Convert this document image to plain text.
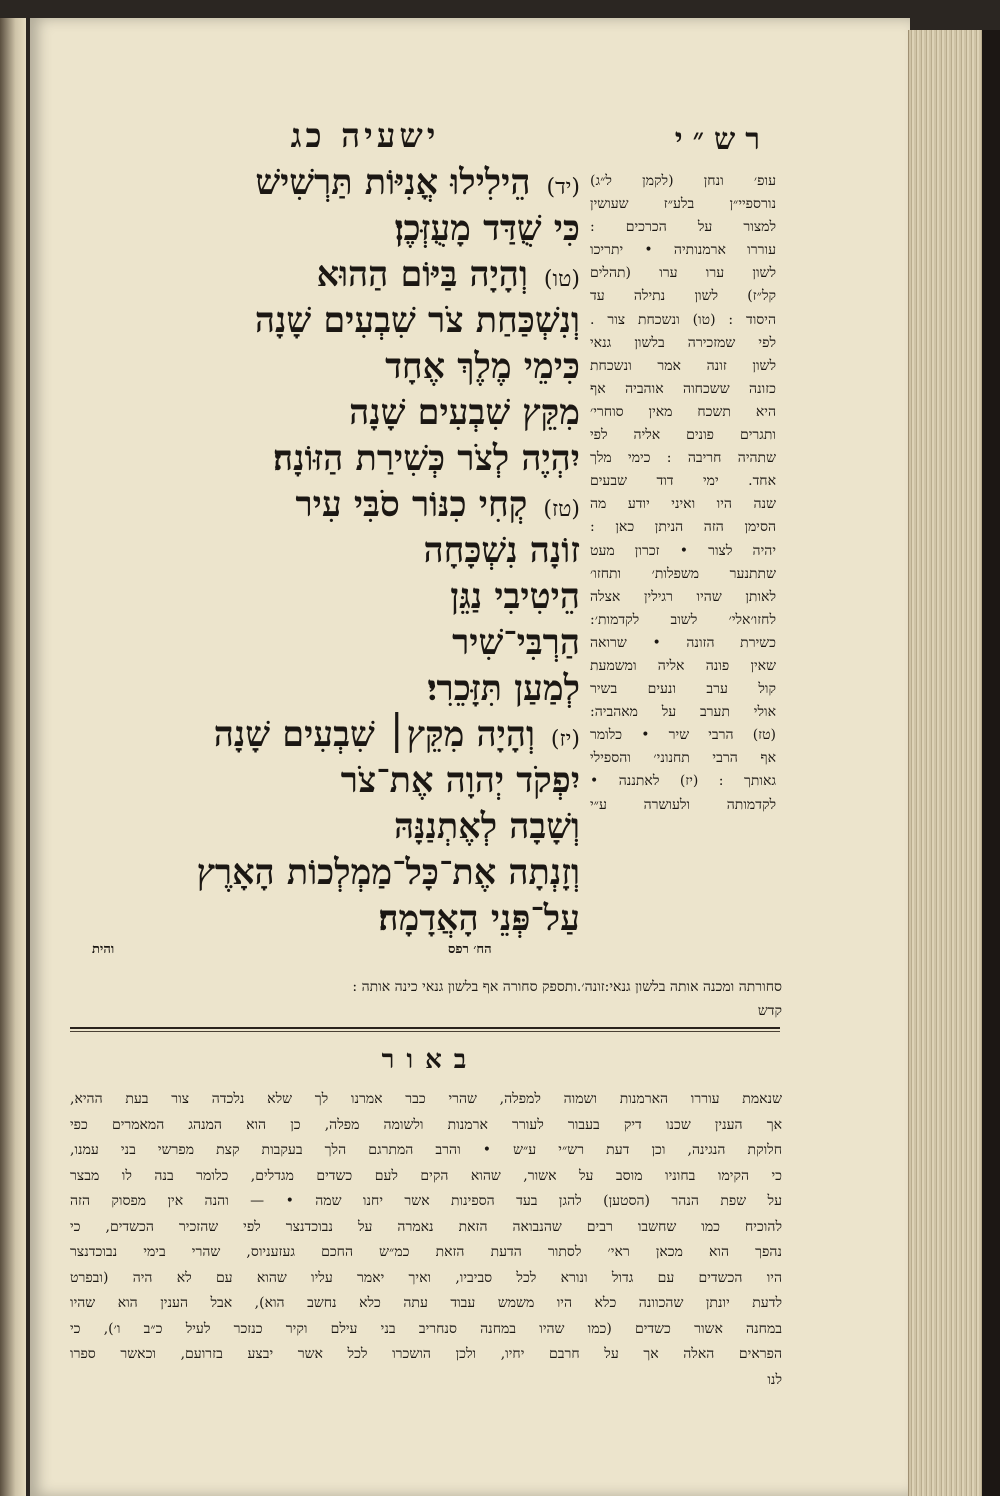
רש״י
ישעיה כג
(יד)הֵילִילוּ אֳנִיּוֹת תַּרְשִׁישׁ
כִּי שֻׁדַּד מָעֻזְּכֶן׃
(טו)וְהָיָה בַּיּוֹם הַהוּא
וְנִשְׁכַּחַת צֹר שִׁבְעִים שָׁנָה
כִּימֵי מֶלֶךְ אֶחָד
מִקֵּץ שִׁבְעִים שָׁנָה
יִהְיֶה לְצֹר כְּשִׁירַת הַזּוֹנָה׃
(טז)קְחִי כִנּוֹר סֹבִּי עִיר
זוֹנָה נִשְׁכָּחָה
הֵיטִיבִי נַגֵּן
הַרְבִּי־שִׁיר
לְמַעַן תִּזָּכֵרִי׃
(יז)וְהָיָה מִקֵּץ׀ שִׁבְעִים שָׁנָה
יִפְקֹד יְהוָה אֶת־צֹר
וְשָׁבָה לְאֶתְנַנָּהּ
וְזָנְתָה אֶת־כָּל־מַמְלְכוֹת הָאָרֶץ
עַל־פְּנֵי הָאֲדָמָה׃
עופ׳ ונחן (לקמן ל״ג)
נורספיי״ן בלע״ז שעושין
למצור על הכרכים :
עוררו ארמנותיה • יתריכו
לשון ערו ערו (תהלים
קל״ז) לשון נתילה עד
היסוד : (טו) ונשכחת צור .
לפי שמזכירה בלשון גנאי
לשון זונה אמר ונשכחת
כזונה ששכחוה אוהביה אף
היא תשכח מאין סוחרי׳
ותגרים פונים אליה לפי
שתהיה חריבה : כימי מלך
אחד. ימי דוד שבעים
שנה היו ואיני יודע מה
הסימן הזה הניתן כאן :
יהיה לצור • זכרון מעט
שתתנער משפלות׳ ותחזו׳
לאותן שהיו רגילין אצלה
לחזו׳אלי׳ לשוב לקדמות׳:
כשירת הזונה • שרואה
שאין פונה אליה ומשמעת
קול ערב ונעים בשיר
אולי תערב על מאהביה:
(טז) הרבי שיר • כלומר
אף הרבי תחנוני׳ והספילי
גאותך : (יז) לאתננה •
לקדמותה ולעושרה ע״י
והית	הח׳ רפס
סחורתה ומכנה אותה בלשון גנאי:זונה׳.ותספק סחורה אף בלשון גנאי כינה אותה :
קדש
באור
שנאמת עוררו הארמנות ושמוה למפלה, שהרי כבר אמרנו לך שלא נלכדה צור בעת ההיא,
אך הענין שכנו דיק בעבור לעורר ארמנות ולשומה מפלה, כן הוא המנהג המאמרים כפי
חלוקת הנגינה, וכן דעת רש״י ע״ש • והרב המתרגם הלך בעקבות קצת מפרשי בני עמנו,
כי הקימו בחוניו מוסב על אשור, שהוא הקים לעם כשדים מגדלים, כלומר בנה לו מבצר
על שפת הנהר (הסטען) להגן בעד הספינות אשר יחנו שמה • — והנה אין מפסוק הזה
להוכיח כמו שחשבו רבים שהנבואה הזאת נאמרה על נבוכדנצר לפי שהזכיר הכשדים, כי
נהפך הוא מכאן ראי׳ לסתור הדעת הזאת כמ״ש החכם געזעניוס, שהרי בימי נבוכדנצר
היו הכשדים עם גדול ונורא לכל סביביו, ואיך יאמר עליו שהוא עם לא היה (ובפרט
לדעת יונתן שהכוונה כלא היו משמש עבוד עתה כלא נחשב הוא), אבל הענין הוא שהיו
במחנה אשור כשדים (כמו שהיו במחנה סנחריב בני עילם וקיר כנזכר לעיל כ״ב ו׳), כי
הפראים האלה אך על חרבם יחיו, ולכן הושכרו לכל אשר יבצע בזרועם, וכאשר ספרו
לנו
